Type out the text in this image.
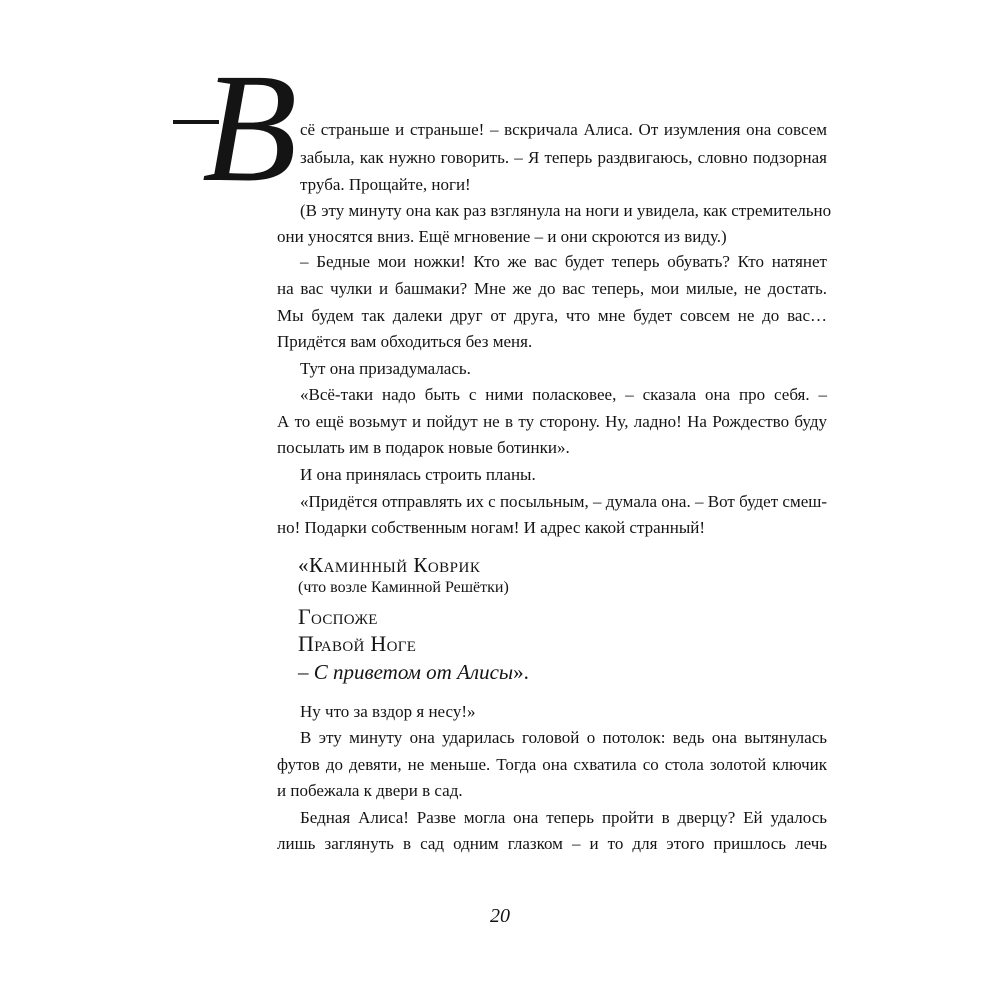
В сё страньше и страньше! – вскричала Алиса. От изумления она совсем

забыла, как нужно говорить. – Я теперь раздвигаюсь, словно подзорная

труба. Прощайте, ноги!

(В эту минуту она как раз взглянула на ноги и увидела, как стремительно

они уносятся вниз. Ещё мгновение – и они скроются из виду.)

– Бедные мои ножки! Кто же вас будет теперь обувать? Кто натянет

на вас чулки и башмаки? Мне же до вас теперь, мои милые, не достать.

Мы будем так далеки друг от друга, что мне будет совсем не до вас…

Придётся вам обходиться без меня.

Тут она призадумалась.

«Всё-таки надо быть с ними поласковее, – сказала она про себя. –

А то ещё возьмут и пойдут не в ту сторону. Ну, ладно! На Рождество буду

посылать им в подарок новые ботинки».

И она принялась строить планы.

«Придётся отправлять их с посыльным, – думала она. – Вот будет смеш-

но! Подарки собственным ногам! И адрес какой странный!

«Каминный Коврик

(что возле Каминной Решётки)

Госпоже

Правой Ноге

– С приветом от Алисы».

Ну что за вздор я несу!»

В эту минуту она ударилась головой о потолок: ведь она вытянулась

футов до девяти, не меньше. Тогда она схватила со стола золотой ключик

и побежала к двери в сад.

Бедная Алиса! Разве могла она теперь пройти в дверцу? Ей удалось

лишь заглянуть в сад одним глазком – и то для этого пришлось лечь

20
